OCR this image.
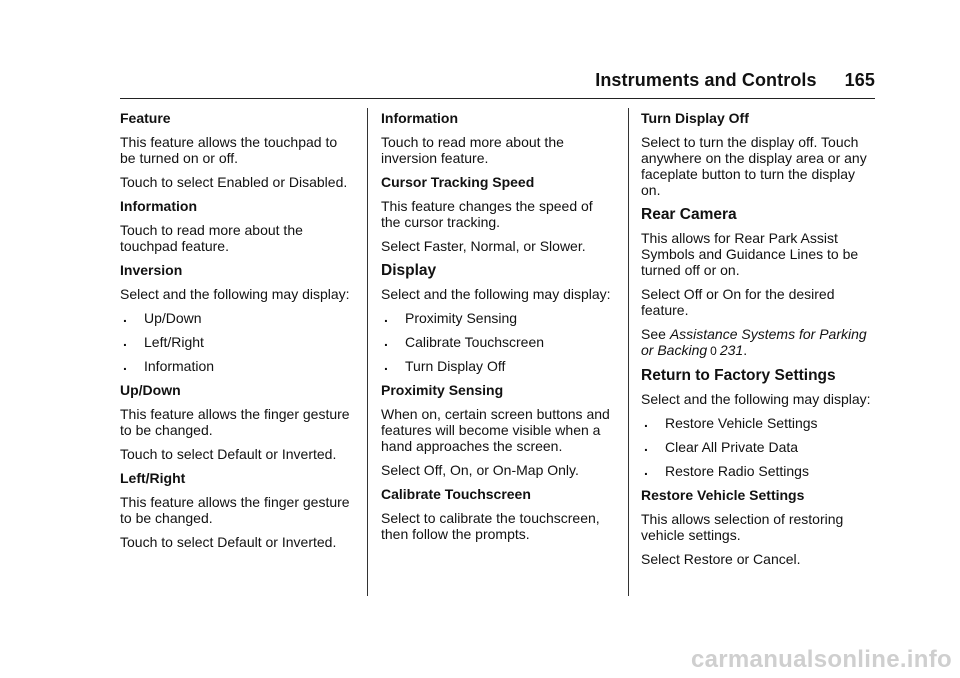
Instruments and Controls 165
Feature
This feature allows the touchpad to be turned on or off.
Touch to select Enabled or Disabled.
Information
Touch to read more about the touchpad feature.
Inversion
Select and the following may display:
. Up/Down
. Left/Right
. Information
Up/Down
This feature allows the finger gesture to be changed.
Touch to select Default or Inverted.
Left/Right
This feature allows the finger gesture to be changed.
Touch to select Default or Inverted.
Information
Touch to read more about the inversion feature.
Cursor Tracking Speed
This feature changes the speed of the cursor tracking.
Select Faster, Normal, or Slower.
Display
Select and the following may display:
. Proximity Sensing
. Calibrate Touchscreen
. Turn Display Off
Proximity Sensing
When on, certain screen buttons and features will become visible when a hand approaches the screen.
Select Off, On, or On-Map Only.
Calibrate Touchscreen
Select to calibrate the touchscreen, then follow the prompts.
Turn Display Off
Select to turn the display off. Touch anywhere on the display area or any faceplate button to turn the display on.
Rear Camera
This allows for Rear Park Assist Symbols and Guidance Lines to be turned off or on.
Select Off or On for the desired feature.
See Assistance Systems for Parking or Backing 0 231.
Return to Factory Settings
Select and the following may display:
. Restore Vehicle Settings
. Clear All Private Data
. Restore Radio Settings
Restore Vehicle Settings
This allows selection of restoring vehicle settings.
Select Restore or Cancel.
carmanualsonline.info
